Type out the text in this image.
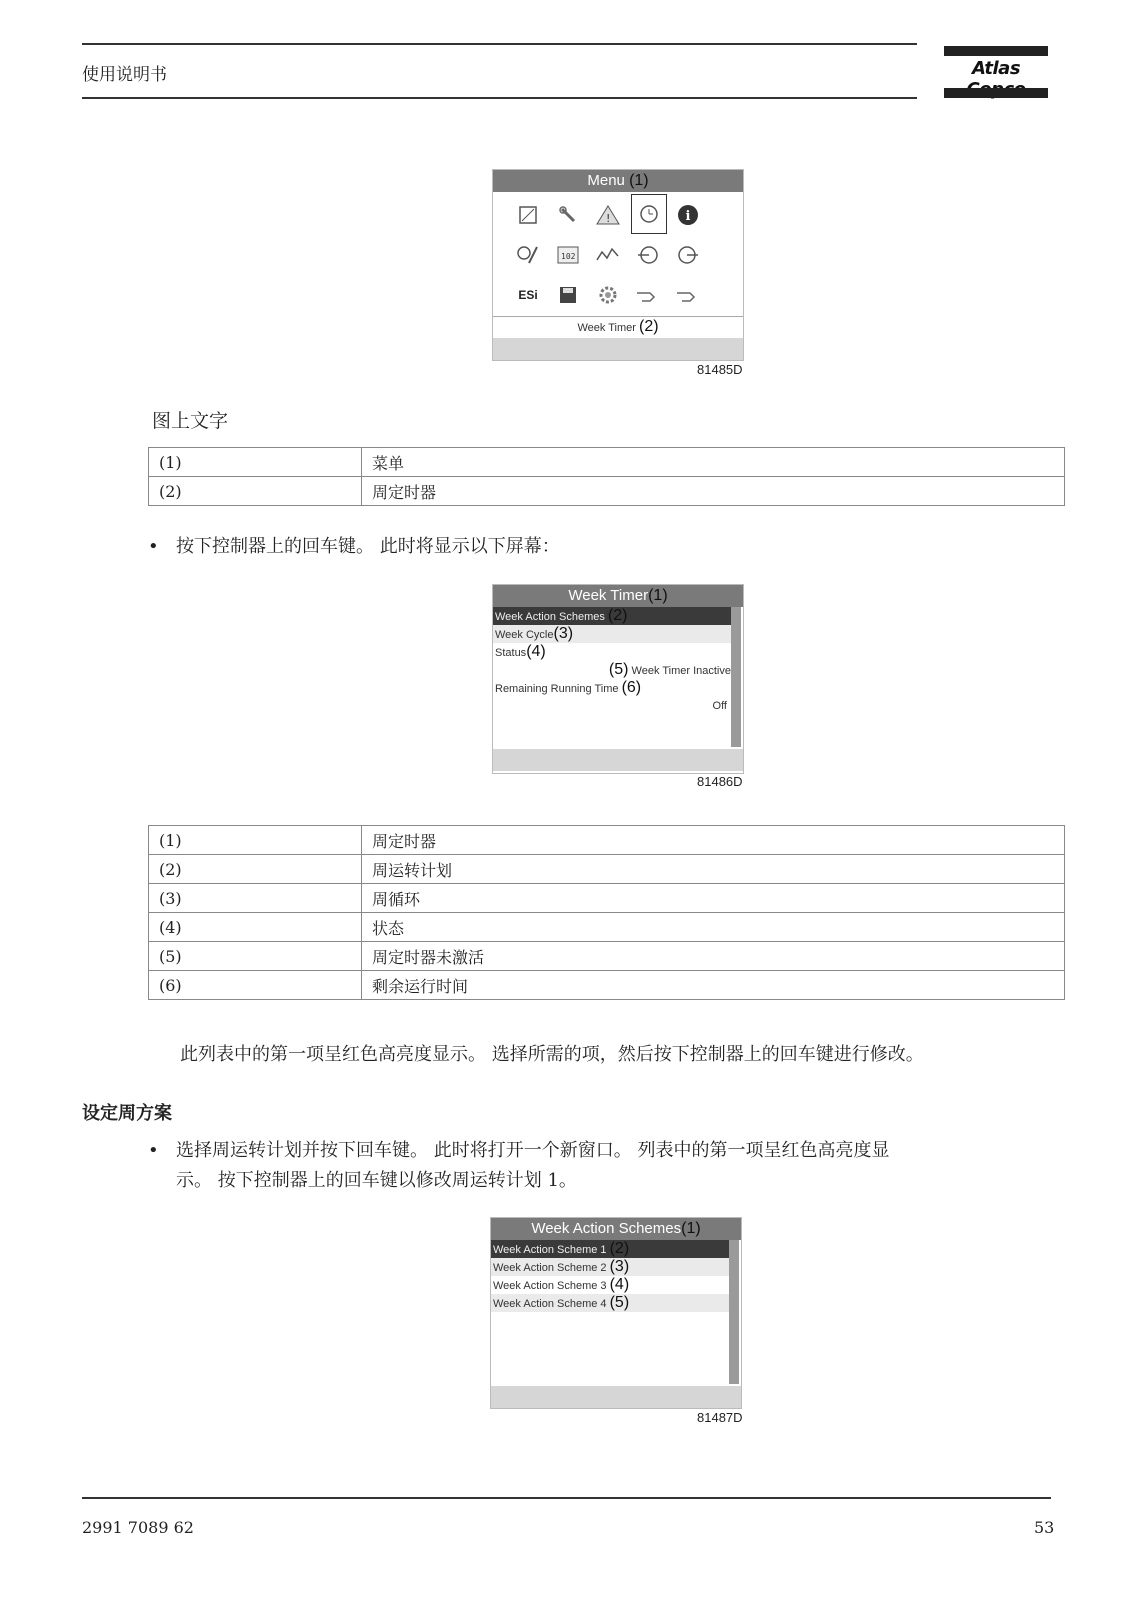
使用说明书	Atlas
Menu (1)
!	i
102
ESi
Week Timer (2)
81485D
图上文字
(1)	菜单
(2)	周定时器
• 按下控制器上的回车键。 此时将显示以下屏幕：
Week Timer(1)
Week Action Schemes (2)
Week Cycle(3)
Status(4)
(5) Week Timer Inactive
Remaining Running Time (6)
Off
81486D
(1)	周定时器
(2)	周运转计划
(3)	周循环
(4)	状态
(5)	周定时器未激活
(6)	剩余运行时间
此列表中的第一项呈红色高亮度显示。 选择所需的项，然后按下控制器上的回车键进行修改。
设定周方案
• 选择周运转计划并按下回车键。 此时将打开一个新窗口。 列表中的第一项呈红色高亮度显
示。 按下控制器上的回车键以修改周运转计划 1。
Week Action Schemes(1)
Week Action Scheme 1 (2)
Week Action Scheme 2 (3)
Week Action Scheme 3 (4)
Week Action Scheme 4 (5)
81487D
2991 7089 62	53
